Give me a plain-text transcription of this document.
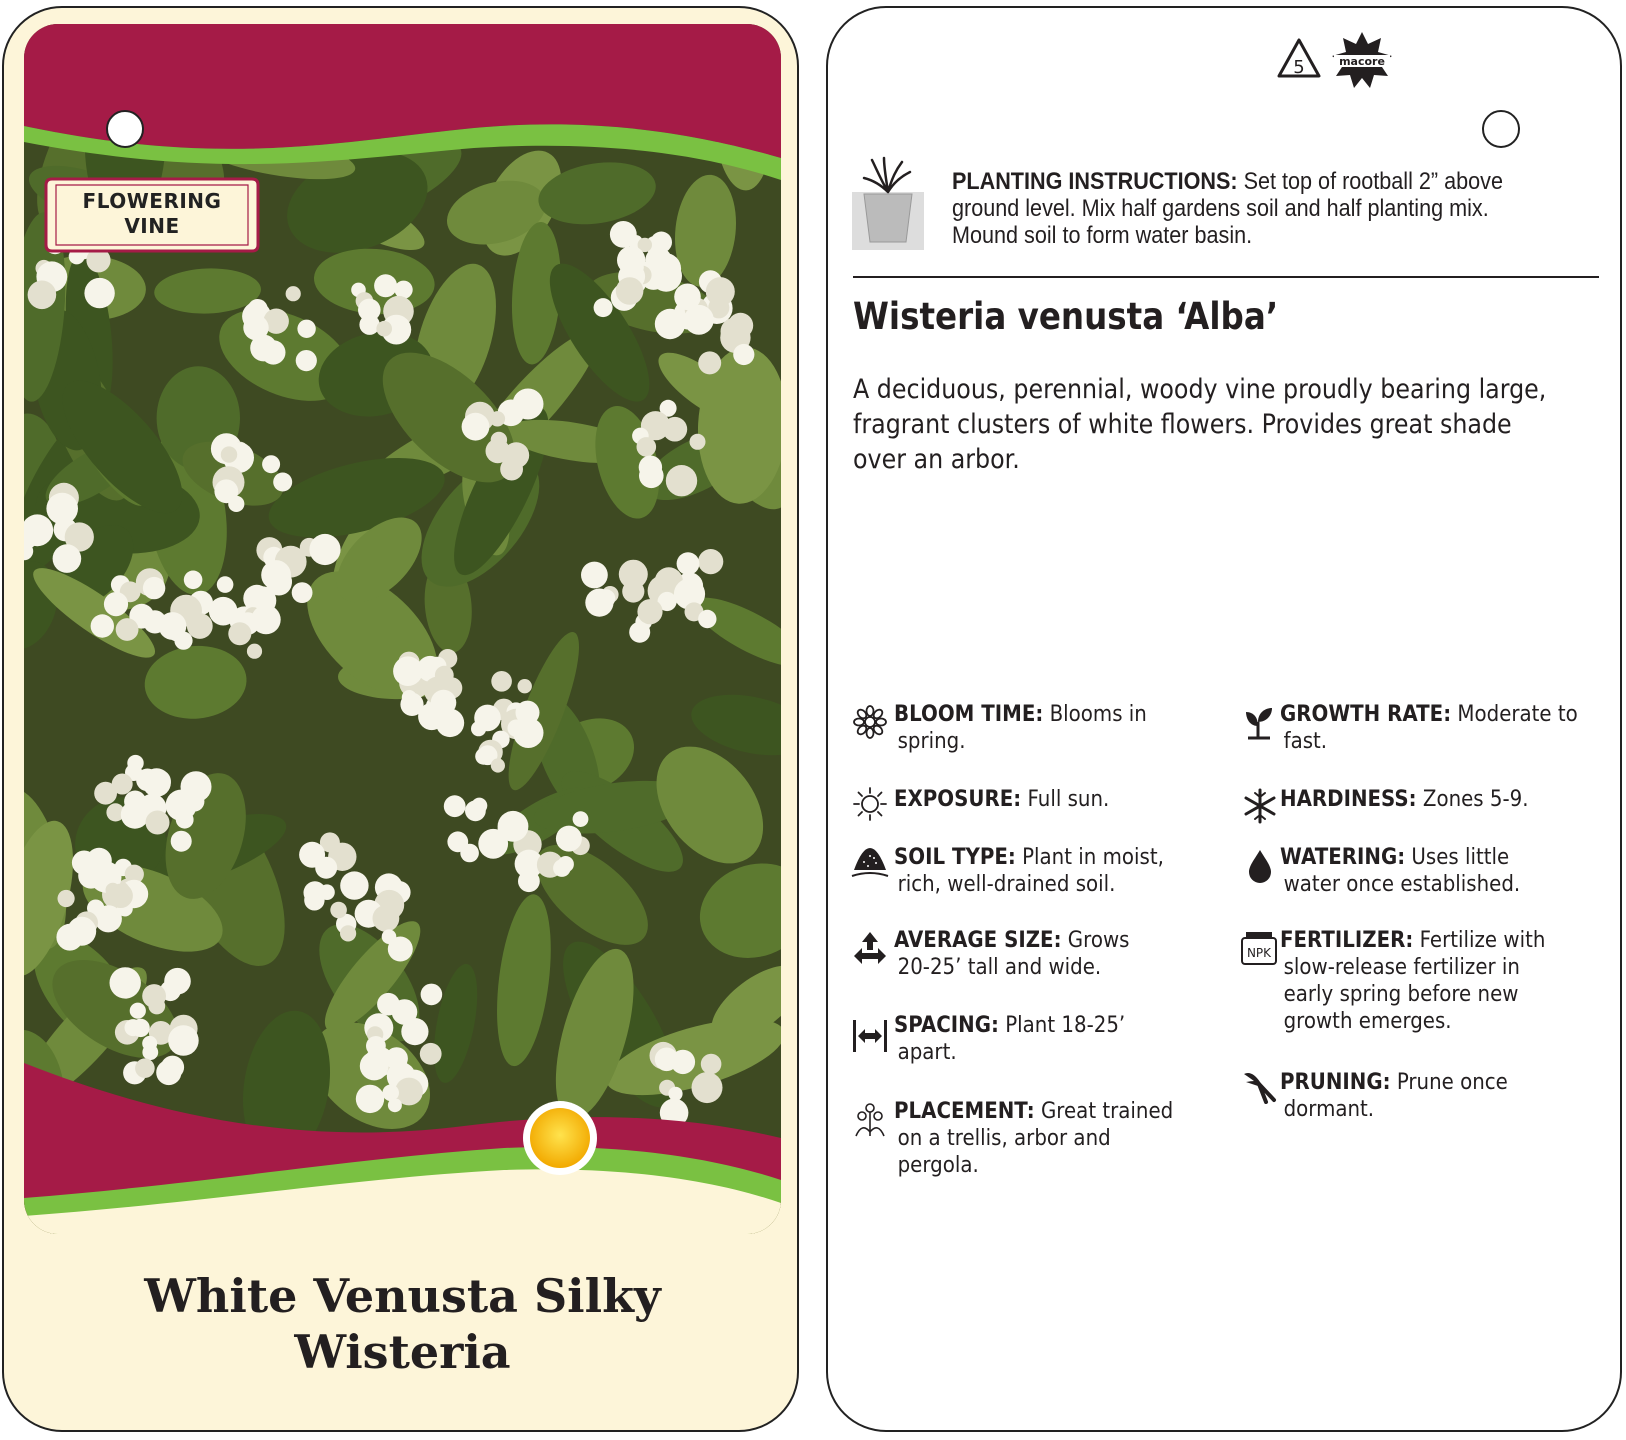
FLOWERING
VINE
White Venusta Silky
Wisteria
5	macore
PLANTING INSTRUCTIONS: Set top of rootball 2” above ground level. Mix half gardens soil and half planting mix. Mound soil to form water basin.
Wisteria venusta ‘Alba’
A deciduous, perennial, woody vine proudly bearing large, fragrant clusters of white flowers. Provides great shade over an arbor.
BLOOM TIME: Blooms in
spring.
EXPOSURE: Full sun.
SOIL TYPE: Plant in moist,
rich, well-drained soil.
AVERAGE SIZE: Grows
20-25’ tall and wide.
SPACING: Plant 18-25’
apart.
PLACEMENT: Great trained
on a trellis, arbor and pergola.
GROWTH RATE: Moderate to
fast.
HARDINESS: Zones 5-9.
WATERING: Uses little
water once established.
NPK FERTILIZER: Fertilize with
slow-release fertilizer in early spring before new growth emerges.
PRUNING: Prune once
dormant.
